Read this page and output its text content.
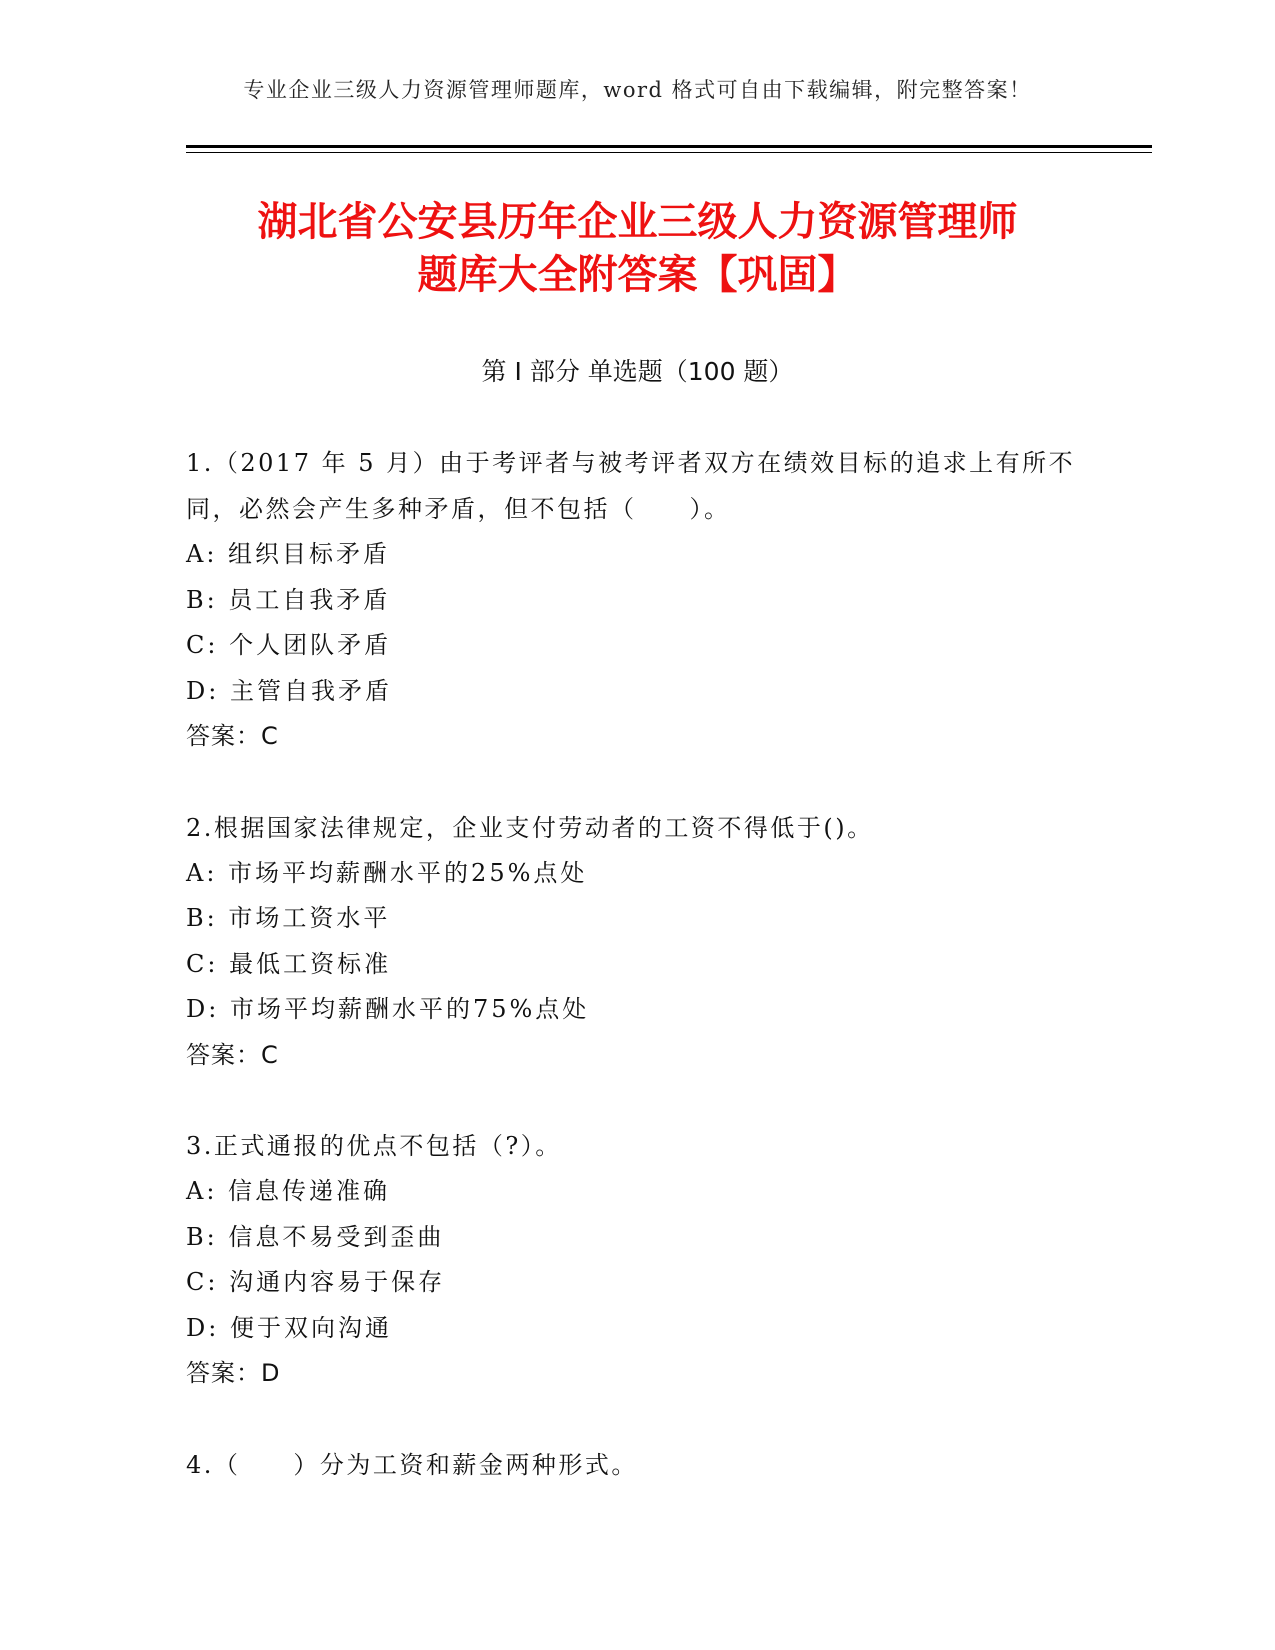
专业企业三级人力资源管理师题库，word 格式可自由下载编辑，附完整答案！
湖北省公安县历年企业三级人力资源管理师
题库大全附答案【巩固】
第 I 部分 单选题（100 题）

1.（2017 年 5 月）由于考评者与被考评者双方在绩效目标的追求上有所不同，必然会产生多种矛盾，但不包括（　　）。

A: 组织目标矛盾

B: 员工自我矛盾

C: 个人团队矛盾

D: 主管自我矛盾

答案：C

2.根据国家法律规定，企业支付劳动者的工资不得低于()。

A: 市场平均薪酬水平的25%点处

B: 市场工资水平

C: 最低工资标准

D: 市场平均薪酬水平的75%点处

答案：C

3.正式通报的优点不包括（?）。

A: 信息传递准确

B: 信息不易受到歪曲

C: 沟通内容易于保存

D: 便于双向沟通

答案：D

4.（　　）分为工资和薪金两种形式。
